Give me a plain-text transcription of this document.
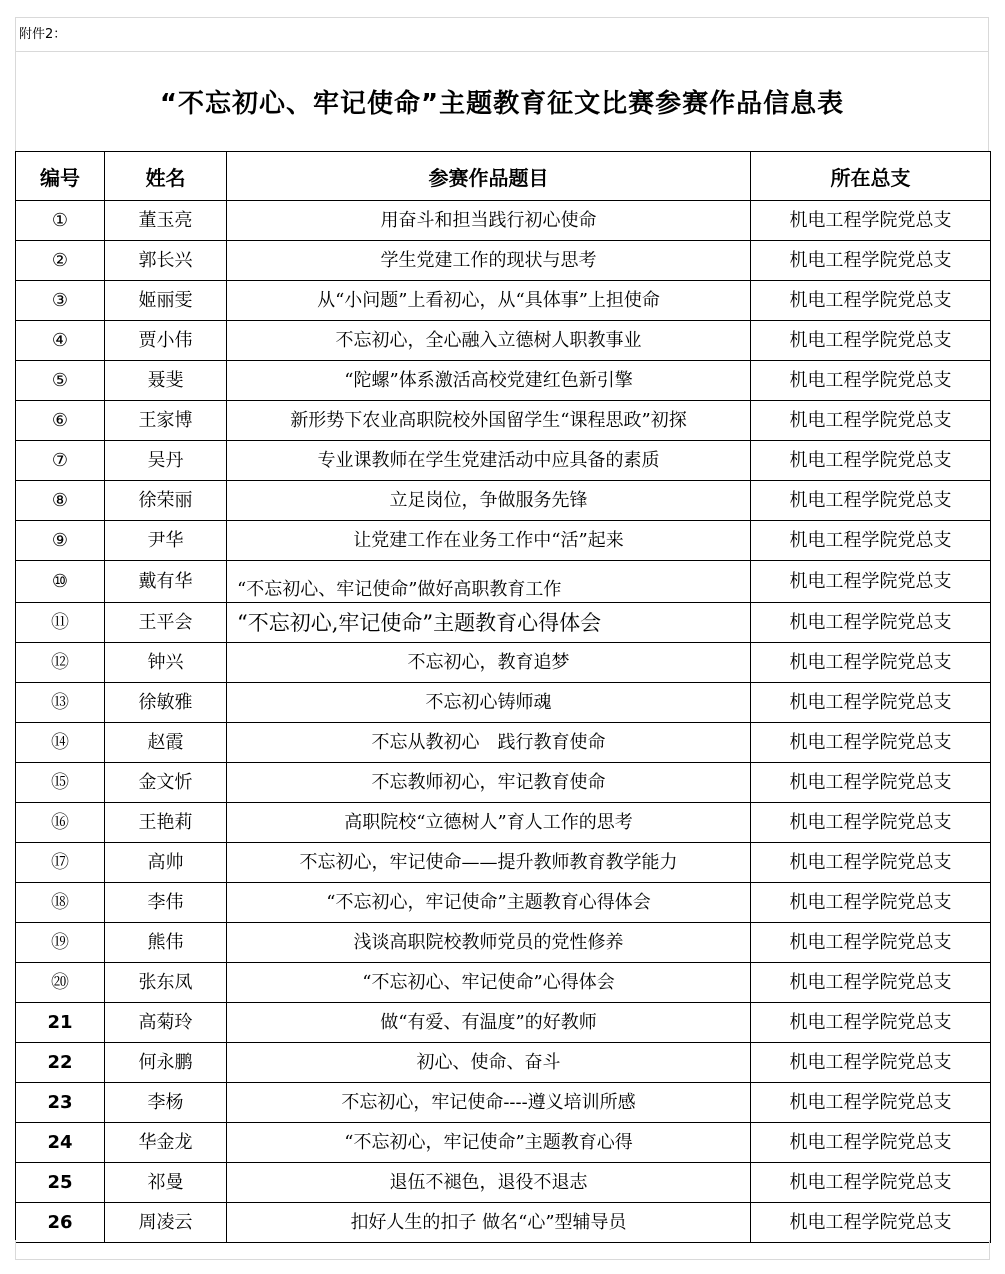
附件2：
“不忘初心、牢记使命”主题教育征文比赛参赛作品信息表
编号	姓名	参赛作品题目	所在总支
①	董玉亮	用奋斗和担当践行初心使命	机电工程学院党总支
②	郭长兴	学生党建工作的现状与思考	机电工程学院党总支
③	姬丽雯	从“小问题”上看初心，从“具体事”上担使命	机电工程学院党总支
④	贾小伟	不忘初心，全心融入立德树人职教事业	机电工程学院党总支
⑤	聂斐	“陀螺”体系激活高校党建红色新引擎	机电工程学院党总支
⑥	王家博	新形势下农业高职院校外国留学生“课程思政”初探	机电工程学院党总支
⑦	吴丹	专业课教师在学生党建活动中应具备的素质	机电工程学院党总支
⑧	徐荣丽	立足岗位，争做服务先锋	机电工程学院党总支
⑨	尹华	让党建工作在业务工作中“活”起来	机电工程学院党总支
⑩	戴有华	“不忘初心、牢记使命”做好高职教育工作	机电工程学院党总支
⑪	王平会	“不忘初心,牢记使命”主题教育心得体会	机电工程学院党总支
⑫	钟兴	不忘初心，教育追梦	机电工程学院党总支
⑬	徐敏雅	不忘初心铸师魂	机电工程学院党总支
⑭	赵霞	不忘从教初心　践行教育使命	机电工程学院党总支
⑮	金文忻	不忘教师初心，牢记教育使命	机电工程学院党总支
⑯	王艳莉	高职院校“立德树人”育人工作的思考	机电工程学院党总支
⑰	高帅	不忘初心，牢记使命——提升教师教育教学能力	机电工程学院党总支
⑱	李伟	“不忘初心，牢记使命”主题教育心得体会	机电工程学院党总支
⑲	熊伟	浅谈高职院校教师党员的党性修养	机电工程学院党总支
⑳	张东凤	“不忘初心、牢记使命”心得体会	机电工程学院党总支
21	高菊玲	做“有爱、有温度”的好教师	机电工程学院党总支
22	何永鹏	初心、使命、奋斗	机电工程学院党总支
23	李杨	不忘初心，牢记使命----遵义培训所感	机电工程学院党总支
24	华金龙	“不忘初心，牢记使命”主题教育心得	机电工程学院党总支
25	祁曼	退伍不褪色，退役不退志	机电工程学院党总支
26	周凌云	扣好人生的扣子 做名“心”型辅导员	机电工程学院党总支
